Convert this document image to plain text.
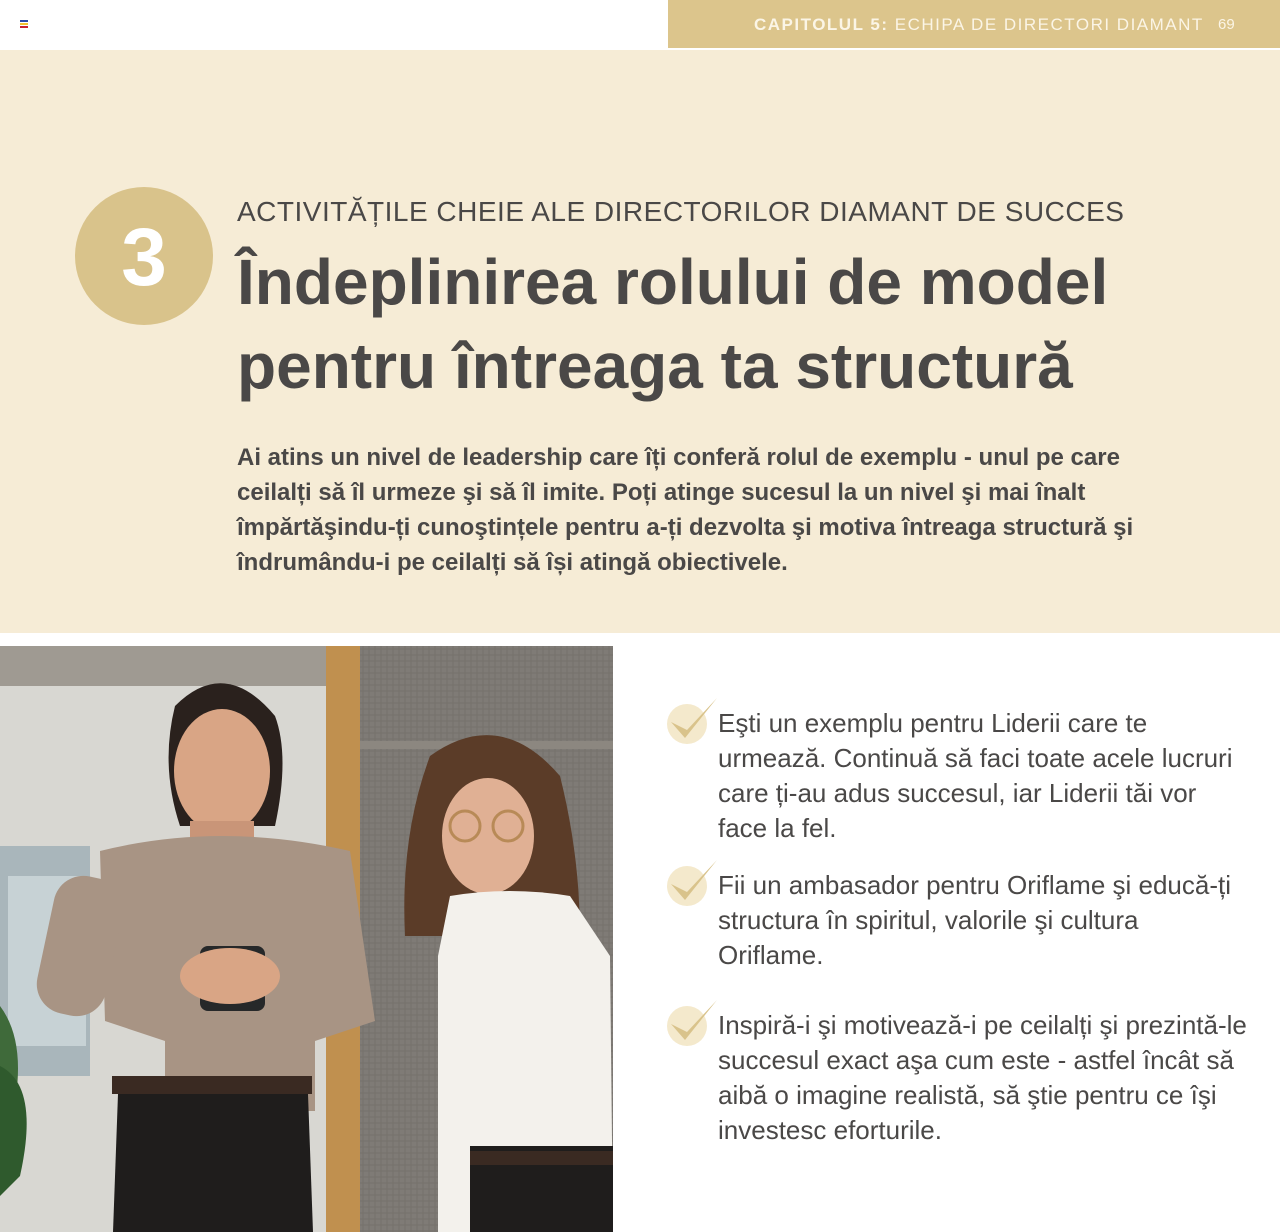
CAPITOLUL 5: ECHIPA DE DIRECTORI DIAMANT 69
3
ACTIVITĂȚILE CHEIE ALE DIRECTORILOR DIAMANT DE SUCCES
Îndeplinirea rolului de model
pentru întreaga ta structură

Ai atins un nivel de leadership care îți conferă rolul de exemplu - unul pe care ceilalți să îl urmeze şi să îl imite. Poți atinge sucesul la un nivel şi mai înalt împărtăşindu-ți cunoştințele pentru a-ți dezvolta şi motiva întreaga structură şi îndrumându-i pe ceilalți să își atingă obiectivele.

Eşti un exemplu pentru Liderii care te urmează. Continuă să faci toate acele lucruri care ți-au adus succesul, iar Liderii tăi vor face la fel.

Fii un ambasador pentru Oriflame şi educă-ți structura în spiritul, valorile şi cultura Oriflame.

Inspiră-i şi motivează-i pe ceilalți şi prezintă-le succesul exact aşa cum este - astfel încât să aibă o imagine realistă, să ştie pentru ce îşi investesc eforturile.
